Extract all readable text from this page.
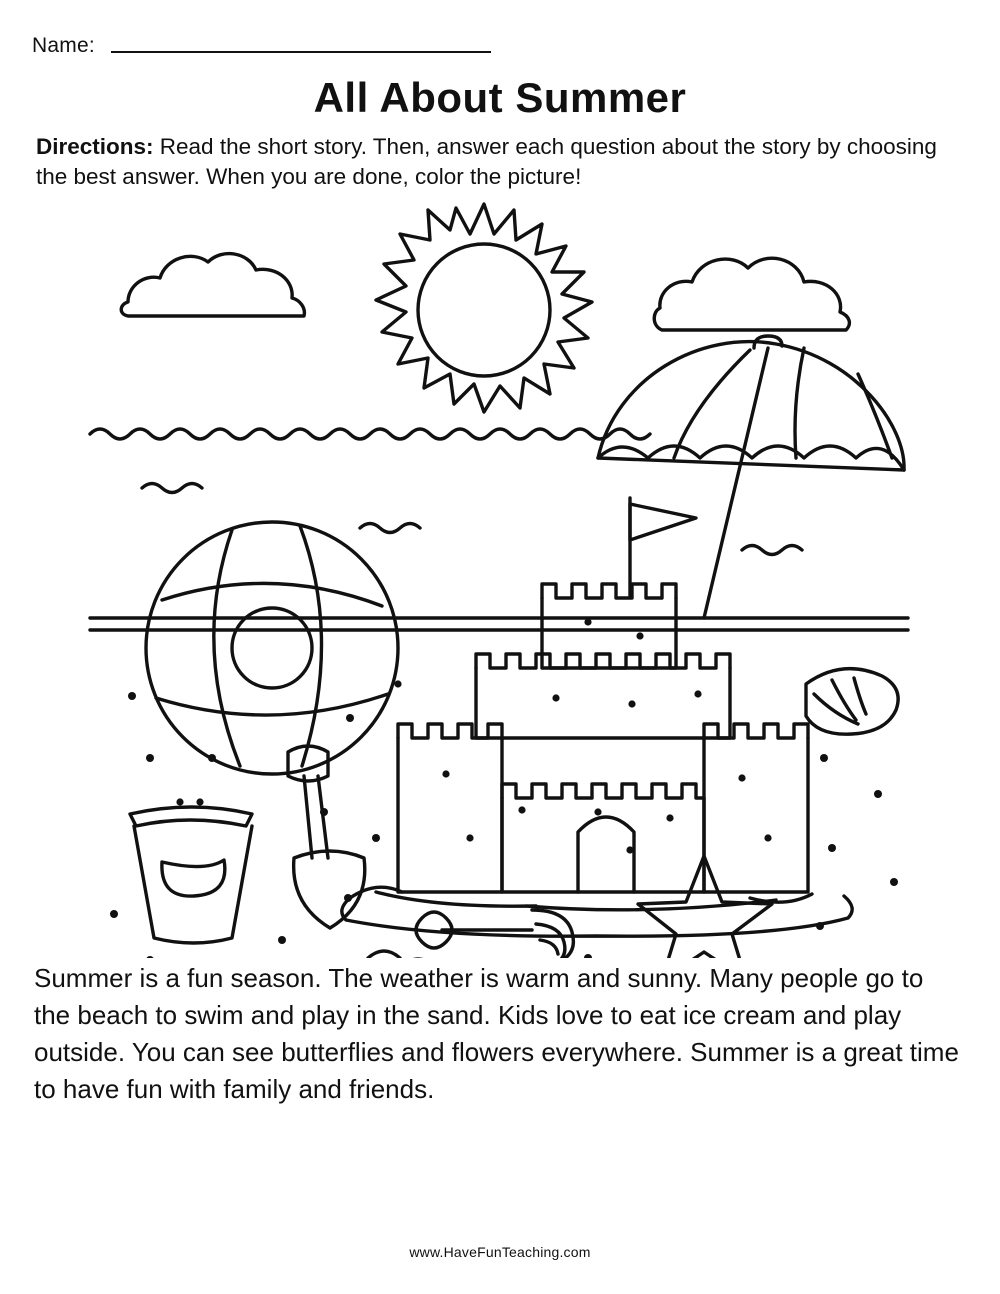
Name:
All About Summer
Directions: Read the short story. Then, answer each question about the story by choosing the best answer. When you are done, color the picture!
Summer is a fun season. The weather is warm and sunny. Many people go to the beach to swim and play in the sand. Kids love to eat ice cream and play outside. You can see butterflies and flowers everywhere. Summer is a great time to have fun with family and friends.
www.HaveFunTeaching.com
